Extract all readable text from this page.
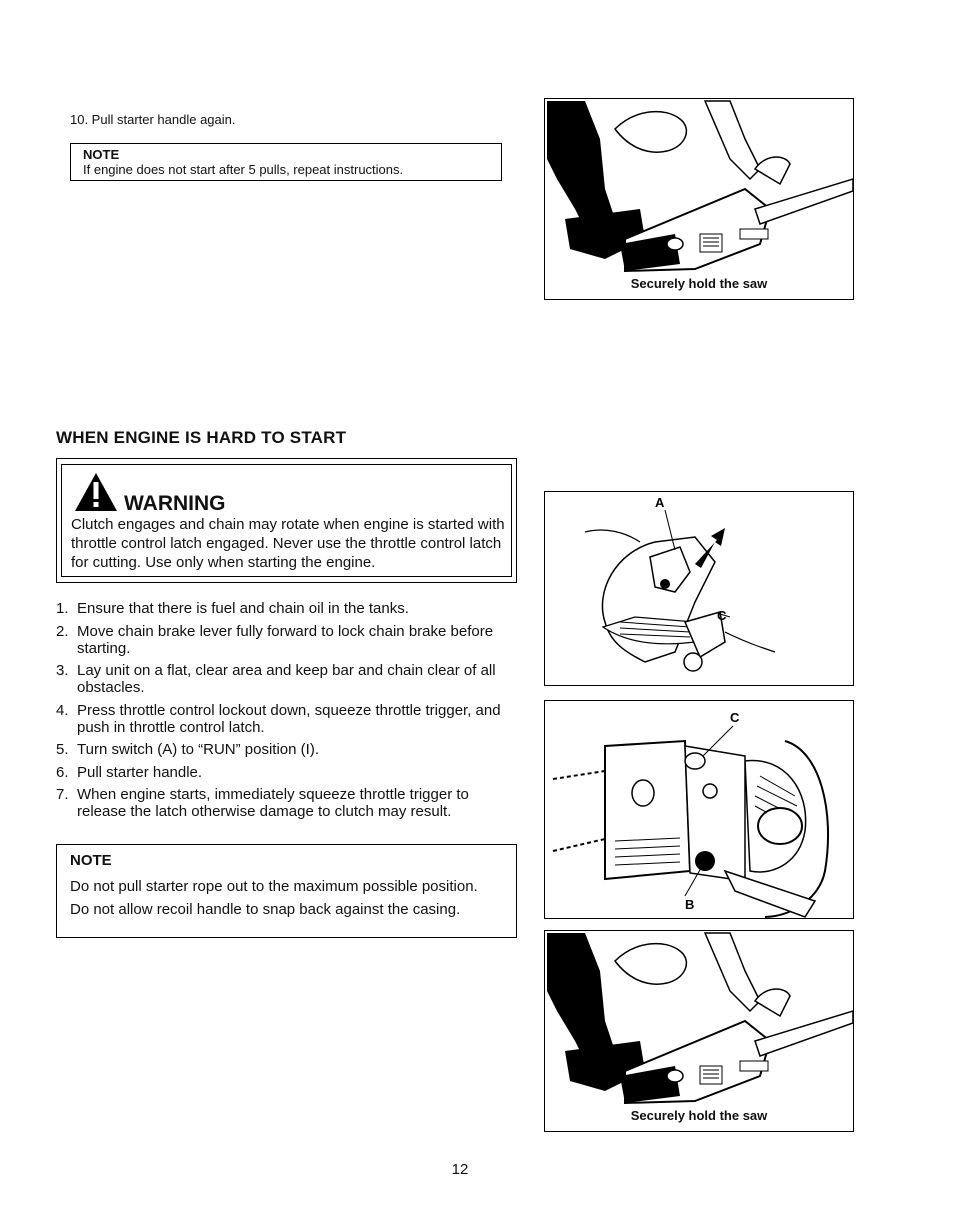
10. Pull starter handle again.
NOTE
If engine does not start after 5 pulls, repeat instructions.
Securely hold the saw
WHEN ENGINE IS HARD TO START
WARNING
Clutch engages and chain may rotate when engine is started with throttle control latch engaged. Never use the throttle control latch for cutting. Use only when starting the engine.
1. Ensure that there is fuel and chain oil in the tanks.
2. Move chain brake lever fully forward to lock chain brake before starting.
3. Lay unit on a flat, clear area and keep bar and chain clear of all obstacles.
4. Press throttle control lockout down, squeeze throttle trigger, and push in throttle control latch.
5. Turn switch (A) to “RUN” position (I).
6. Pull starter handle.
7. When engine starts, immediately squeeze throttle trigger to release the latch otherwise damage to clutch may result.
NOTE
Do not pull starter rope out to the maximum possible position.
Do not allow recoil handle to snap back against the casing.
A
C
C
B
Securely hold the saw
12
